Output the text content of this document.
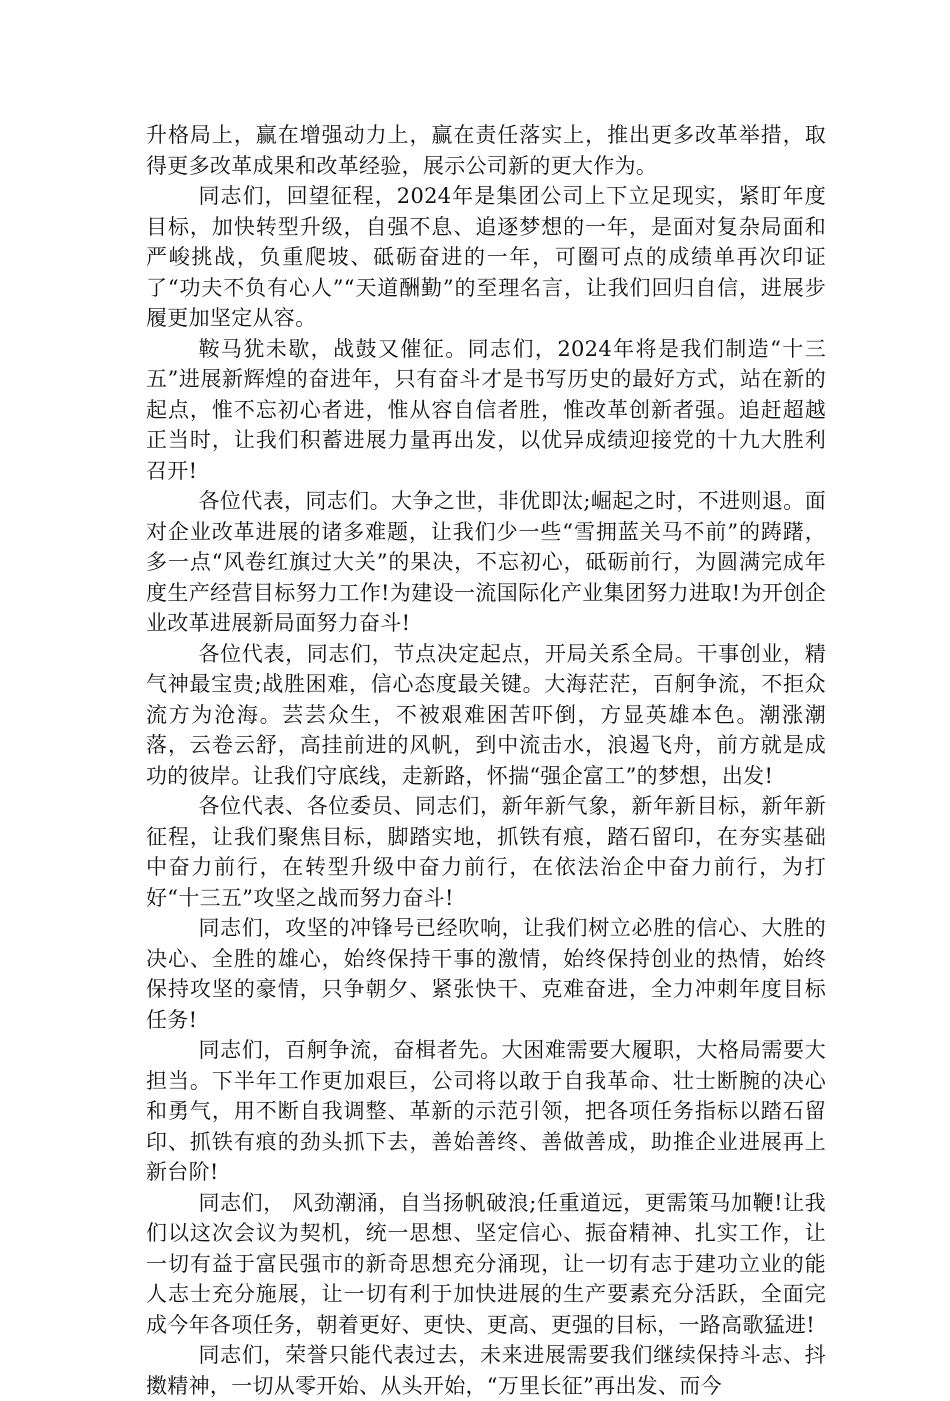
升格局上，赢在增强动力上，赢在责任落实上，推出更多改革举措，取得更多改革成果和改革经验，展示公司新的更大作为。

同志们，回望征程，2024年是集团公司上下立足现实，紧盯年度目标，加快转型升级，自强不息、追逐梦想的一年，是面对复杂局面和严峻挑战，负重爬坡、砥砺奋进的一年，可圈可点的成绩单再次印证了“功夫不负有心人”“天道酬勤”的至理名言，让我们回归自信，进展步履更加坚定从容。

鞍马犹未歇，战鼓又催征。同志们，2024年将是我们制造“十三五”进展新辉煌的奋进年，只有奋斗才是书写历史的最好方式，站在新的起点，惟不忘初心者进，惟从容自信者胜，惟改革创新者强。追赶超越正当时，让我们积蓄进展力量再出发，以优异成绩迎接党的十九大胜利召开!

各位代表，同志们。大争之世，非优即汰;崛起之时，不进则退。面对企业改革进展的诸多难题，让我们少一些“雪拥蓝关马不前”的踌躇，多一点“风卷红旗过大关”的果决，不忘初心，砥砺前行，为圆满完成年度生产经营目标努力工作!为建设一流国际化产业集团努力进取!为开创企业改革进展新局面努力奋斗!

各位代表，同志们，节点决定起点，开局关系全局。干事创业，精气神最宝贵;战胜困难，信心态度最关键。大海茫茫，百舸争流，不拒众流方为沧海。芸芸众生，不被艰难困苦吓倒，方显英雄本色。潮涨潮落，云卷云舒，高挂前进的风帆，到中流击水，浪遏飞舟，前方就是成功的彼岸。让我们守底线，走新路，怀揣“强企富工”的梦想，出发!

各位代表、各位委员、同志们，新年新气象，新年新目标，新年新征程，让我们聚焦目标，脚踏实地，抓铁有痕，踏石留印，在夯实基础中奋力前行，在转型升级中奋力前行，在依法治企中奋力前行，为打好“十三五”攻坚之战而努力奋斗!

同志们，攻坚的冲锋号已经吹响，让我们树立必胜的信心、大胜的决心、全胜的雄心，始终保持干事的激情，始终保持创业的热情，始终保持攻坚的豪情，只争朝夕、紧张快干、克难奋进，全力冲刺年度目标任务!

同志们，百舸争流，奋楫者先。大困难需要大履职，大格局需要大担当。下半年工作更加艰巨，公司将以敢于自我革命、壮士断腕的决心和勇气，用不断自我调整、革新的示范引领，把各项任务指标以踏石留印、抓铁有痕的劲头抓下去，善始善终、善做善成，助推企业进展再上新台阶!

同志们， 风劲潮涌，自当扬帆破浪;任重道远，更需策马加鞭!让我们以这次会议为契机，统一思想、坚定信心、振奋精神、扎实工作，让一切有益于富民强市的新奇思想充分涌现，让一切有志于建功立业的能人志士充分施展，让一切有利于加快进展的生产要素充分活跃，全面完成今年各项任务，朝着更好、更快、更高、更强的目标，一路高歌猛进!

同志们，荣誉只能代表过去，未来进展需要我们继续保持斗志、抖擞精神，一切从零开始、从头开始，“万里长征”再出发、而今
